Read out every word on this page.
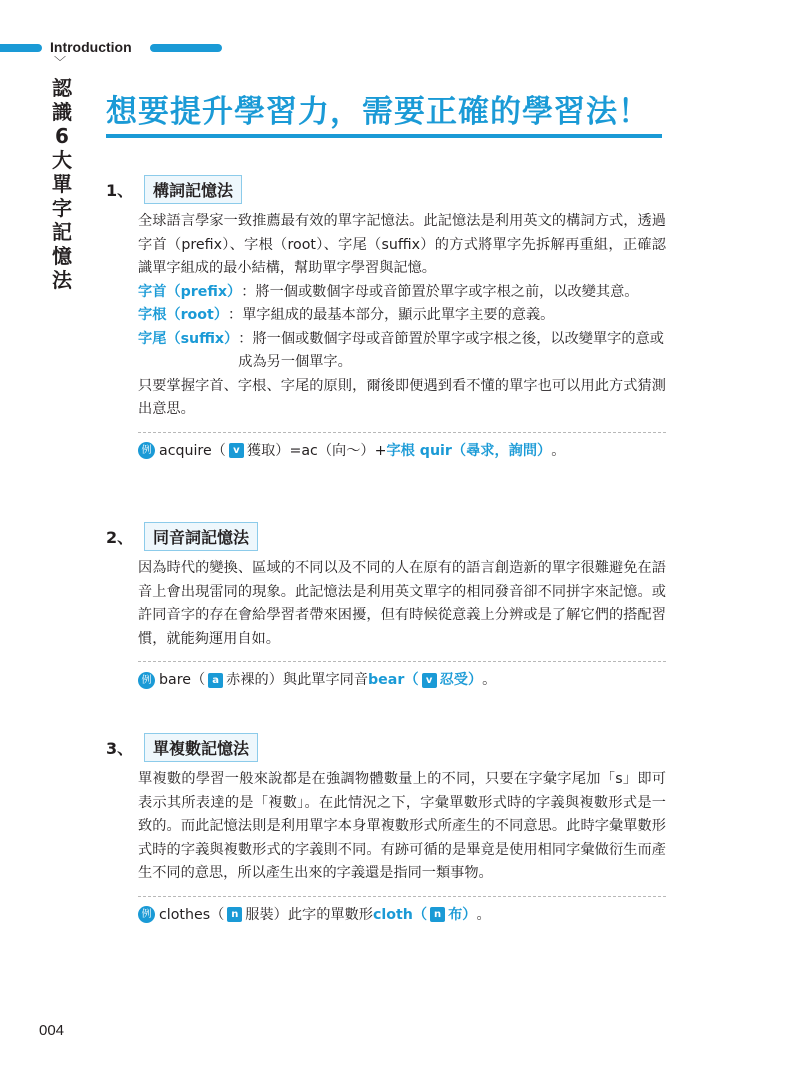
Introduction
﹀
認
識
6
大
單
字
記
憶
法
想要提升學習力，需要正確的學習法！
1、	構詞記憶法

全球語言學家一致推薦最有效的單字記憶法。此記憶法是利用英文的構詞方式，透過字首（prefix）、字根（root）、字尾（suffix）的方式將單字先拆解再重組，正確認識單字組成的最小結構，幫助單字學習與記憶。

字首（prefix） ：將一個或數個字母或音節置於單字或字根之前，以改變其意。
字根（root） ：單字組成的最基本部分，顯示此單字主要的意義。
字尾（suffix） ：將一個或數個字母或音節置於單字或字根之後，以改變單字的意或成為另一個單字。

只要掌握字首、字根、字尾的原則，爾後即便遇到看不懂的單字也可以用此方式猜測出意思。

例 acquire（ v 獲取）=ac（向～）+ 字根 quir（尋求，詢問） 。
2、	同音詞記憶法

因為時代的變換、區域的不同以及不同的人在原有的語言創造新的單字很難避免在語音上會出現雷同的現象。此記憶法是利用英文單字的相同發音卻不同拼字來記憶。或許同音字的存在會給學習者帶來困擾，但有時候從意義上分辨或是了解它們的搭配習慣，就能夠運用自如。

例 bare（ a 赤裸的）與此單字同音 bear（ v 忍受） 。
3、	單複數記憶法

單複數的學習一般來說都是在強調物體數量上的不同，只要在字彙字尾加「s」即可表示其所表達的是「複數」。在此情況之下，字彙單數形式時的字義與複數形式是一致的。而此記憶法則是利用單字本身單複數形式所產生的不同意思。此時字彙單數形式時的字義與複數形式的字義則不同。有跡可循的是畢竟是使用相同字彙做衍生而產生不同的意思，所以產生出來的字義還是指同一類事物。

例 clothes（ n 服裝）此字的單數形 cloth（ n 布） 。
004
